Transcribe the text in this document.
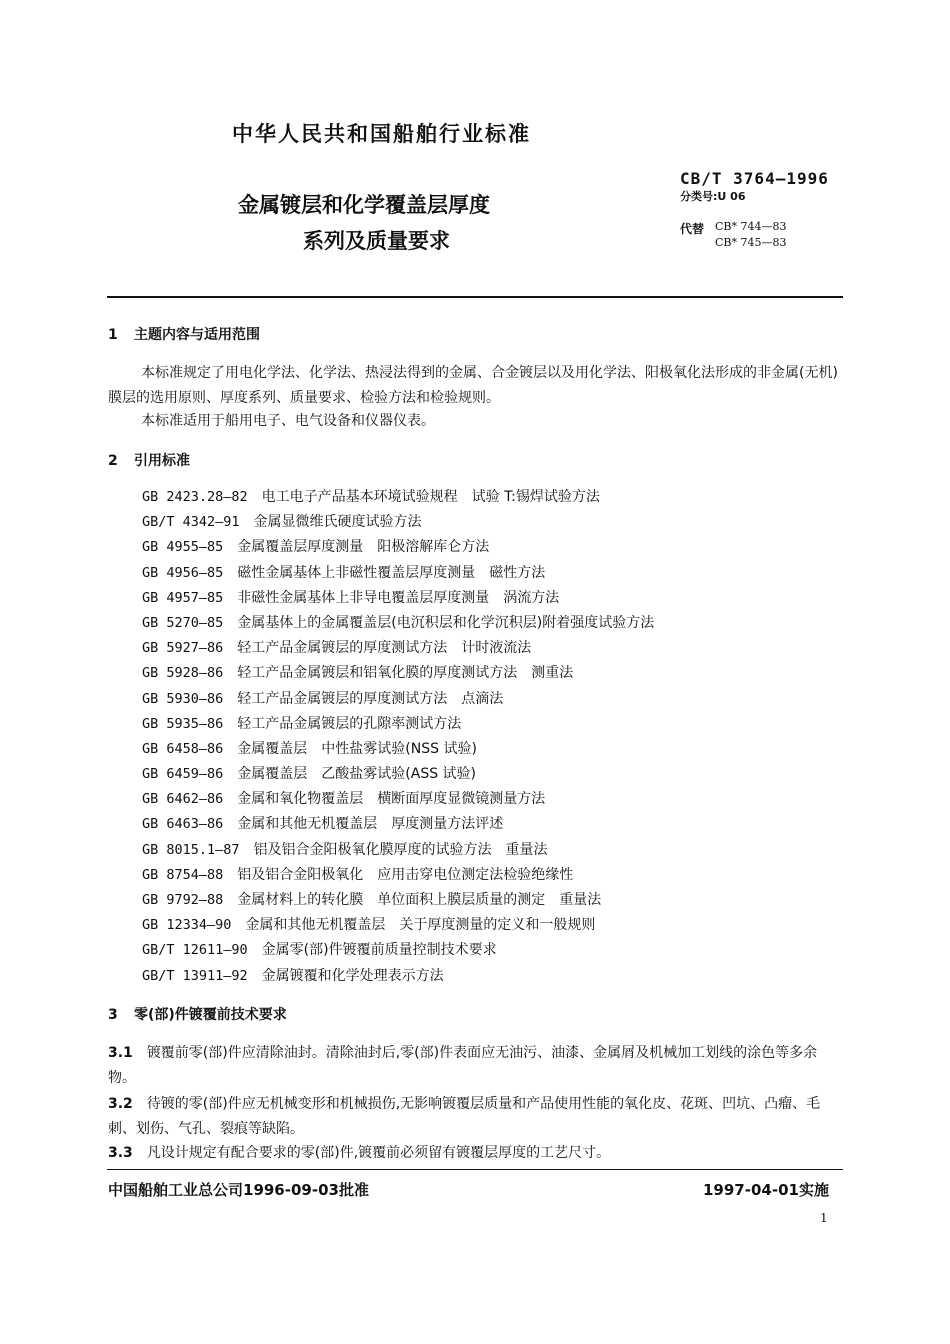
中华人民共和国船舶行业标准
金属镀层和化学覆盖层厚度
系列及质量要求
CB/T 3764—1996
分类号:U 06
代替 CB* 744—83
CB* 745—83
1 主题内容与适用范围
本标准规定了用电化学法、化学法、热浸法得到的金属、合金镀层以及用化学法、阳极氧化法形成的非金属(无机)膜层的选用原则、厚度系列、质量要求、检验方法和检验规则。
本标准适用于船用电子、电气设备和仪器仪表。
2 引用标准
GB 2423.28—82 电工电子产品基本环境试验规程　试验 T:锡焊试验方法
GB/T 4342—91 金属显微维氏硬度试验方法
GB 4955—85 金属覆盖层厚度测量　阳极溶解库仑方法
GB 4956—85 磁性金属基体上非磁性覆盖层厚度测量　磁性方法
GB 4957—85 非磁性金属基体上非导电覆盖层厚度测量　涡流方法
GB 5270—85 金属基体上的金属覆盖层(电沉积层和化学沉积层)附着强度试验方法
GB 5927—86 轻工产品金属镀层的厚度测试方法　计时液流法
GB 5928—86 轻工产品金属镀层和铝氧化膜的厚度测试方法　测重法
GB 5930—86 轻工产品金属镀层的厚度测试方法　点滴法
GB 5935—86 轻工产品金属镀层的孔隙率测试方法
GB 6458—86 金属覆盖层　中性盐雾试验(NSS 试验)
GB 6459—86 金属覆盖层　乙酸盐雾试验(ASS 试验)
GB 6462—86 金属和氧化物覆盖层　横断面厚度显微镜测量方法
GB 6463—86 金属和其他无机覆盖层　厚度测量方法评述
GB 8015.1—87 铝及铝合金阳极氧化膜厚度的试验方法　重量法
GB 8754—88 铝及铝合金阳极氧化　应用击穿电位测定法检验绝缘性
GB 9792—88 金属材料上的转化膜　单位面积上膜层质量的测定　重量法
GB 12334—90 金属和其他无机覆盖层　关于厚度测量的定义和一般规则
GB/T 12611—90 金属零(部)件镀覆前质量控制技术要求
GB/T 13911—92 金属镀覆和化学处理表示方法
3 零(部)件镀覆前技术要求
3.1　 镀覆前零(部)件应清除油封。清除油封后,零(部)件表面应无油污、油漆、金属屑及机械加工划线的涂色等多余物。
3.2　 待镀的零(部)件应无机械变形和机械损伤,无影响镀覆层质量和产品使用性能的氧化皮、花斑、凹坑、凸瘤、毛刺、划伤、气孔、裂痕等缺陷。
3.3　 凡设计规定有配合要求的零(部)件,镀覆前必须留有镀覆层厚度的工艺尺寸。
中国船舶工业总公司1996-09-03批准	1997-04-01实施
1
